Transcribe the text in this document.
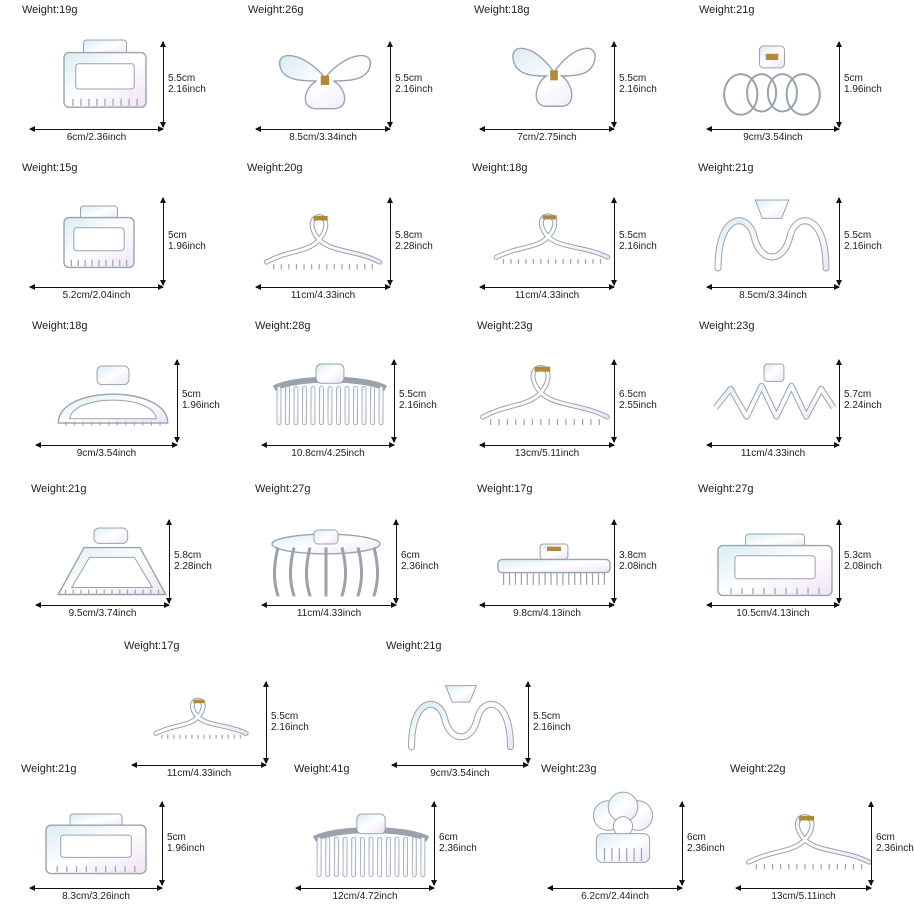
Weight:19g
5.5cm
2.16inch
6cm/2.36inch
Weight:26g
5.5cm
2.16inch
8.5cm/3.34inch
Weight:18g
5.5cm
2.16inch
7cm/2.75inch
Weight:21g
5cm
1.96inch
9cm/3.54inch
Weight:15g
5cm
1.96inch
5.2cm/2.04inch
Weight:20g
5.8cm
2.28inch
11cm/4.33inch
Weight:18g
5.5cm
2.16inch
11cm/4.33inch
Weight:21g
5.5cm
2.16inch
8.5cm/3.34inch
Weight:18g
5cm
1.96inch
9cm/3.54inch
Weight:28g
5.5cm
2.16inch
10.8cm/4.25inch
Weight:23g
6.5cm
2.55inch
13cm/5.11inch
Weight:23g
5.7cm
2.24inch
11cm/4.33inch
Weight:21g
5.8cm
2.28inch
9.5cm/3.74inch
Weight:27g
6cm
2.36inch
11cm/4.33inch
Weight:17g
3.8cm
2.08inch
9.8cm/4.13inch
Weight:27g
5.3cm
2.08inch
10.5cm/4.13inch
Weight:17g
5.5cm
2.16inch
11cm/4.33inch
Weight:21g
5.5cm
2.16inch
9cm/3.54inch
Weight:21g
5cm
1.96inch
8.3cm/3.26inch
Weight:41g
6cm
2.36inch
12cm/4.72inch
Weight:23g
6cm
2.36inch
6.2cm/2.44inch
Weight:22g
6cm
2.36inch
13cm/5.11inch
